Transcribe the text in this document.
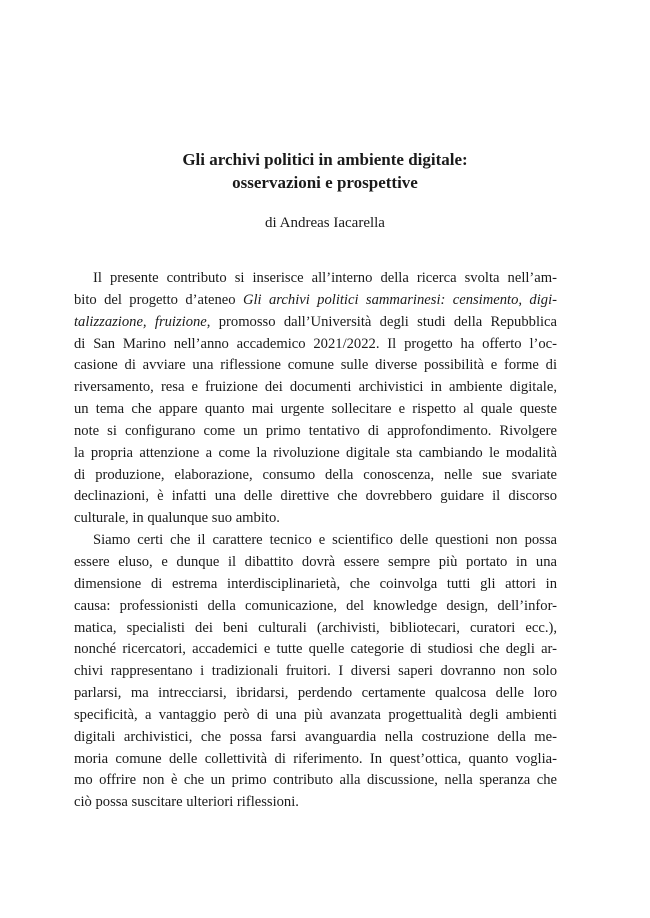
Gli archivi politici in ambiente digitale:
osservazioni e prospettive
di Andreas Iacarella
Il presente contributo si inserisce all’interno della ricerca svolta nell’am-
bito del progetto d’ateneo Gli archivi politici sammarinesi: censimento, digi-
talizzazione, fruizione, promosso dall’Università degli studi della Repubblica
di San Marino nell’anno accademico 2021/2022. Il progetto ha offerto l’oc-
casione di avviare una riflessione comune sulle diverse possibilità e forme di
riversamento, resa e fruizione dei documenti archivistici in ambiente digitale,
un tema che appare quanto mai urgente sollecitare e rispetto al quale queste
note si configurano come un primo tentativo di approfondimento. Rivolgere
la propria attenzione a come la rivoluzione digitale sta cambiando le modalità
di produzione, elaborazione, consumo della conoscenza, nelle sue svariate
declinazioni, è infatti una delle direttive che dovrebbero guidare il discorso
culturale, in qualunque suo ambito.
Siamo certi che il carattere tecnico e scientifico delle questioni non possa
essere eluso, e dunque il dibattito dovrà essere sempre più portato in una
dimensione di estrema interdisciplinarietà, che coinvolga tutti gli attori in
causa: professionisti della comunicazione, del knowledge design, dell’infor-
matica, specialisti dei beni culturali (archivisti, bibliotecari, curatori ecc.),
nonché ricercatori, accademici e tutte quelle categorie di studiosi che degli ar-
chivi rappresentano i tradizionali fruitori. I diversi saperi dovranno non solo
parlarsi, ma intrecciarsi, ibridarsi, perdendo certamente qualcosa delle loro
specificità, a vantaggio però di una più avanzata progettualità degli ambienti
digitali archivistici, che possa farsi avanguardia nella costruzione della me-
moria comune delle collettività di riferimento. In quest’ottica, quanto voglia-
mo offrire non è che un primo contributo alla discussione, nella speranza che
ciò possa suscitare ulteriori riflessioni.
